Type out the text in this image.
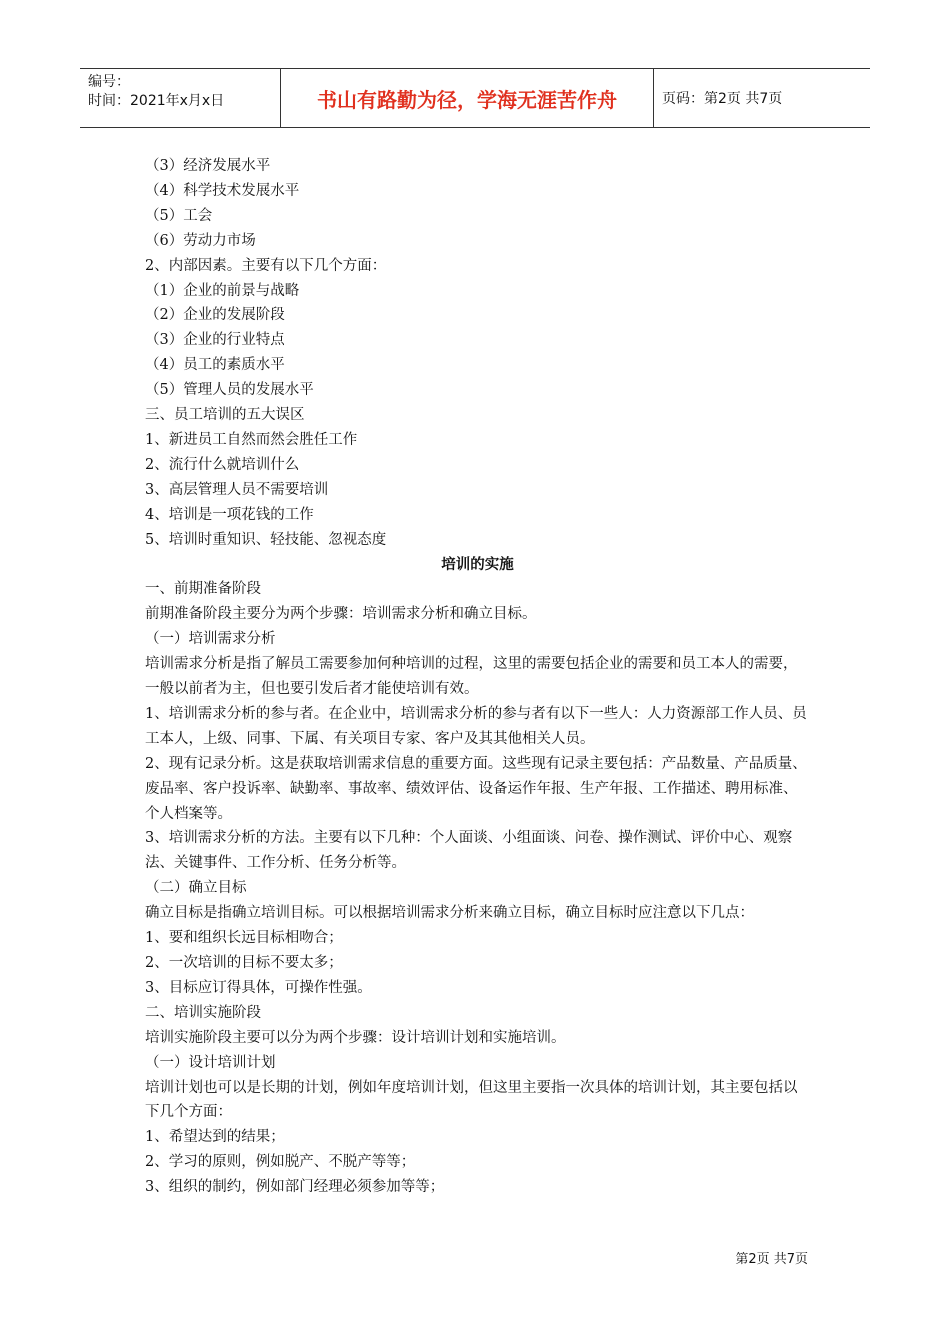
编号：
时间：2021年x月x日	书山有路勤为径，学海无涯苦作舟	页码：第2页 共7页

（3）经济发展水平

（4）科学技术发展水平

（5）工会

（6）劳动力市场

2、内部因素。主要有以下几个方面：

（1）企业的前景与战略

（2）企业的发展阶段

（3）企业的行业特点

（4）员工的素质水平

（5）管理人员的发展水平

三、员工培训的五大误区

1、新进员工自然而然会胜任工作

2、流行什么就培训什么

3、高层管理人员不需要培训

4、培训是一项花钱的工作

5、培训时重知识、轻技能、忽视态度

培训的实施

一、前期准备阶段

前期准备阶段主要分为两个步骤：培训需求分析和确立目标。

（一）培训需求分析

培训需求分析是指了解员工需要参加何种培训的过程，这里的需要包括企业的需要和员工本人的需要，一般以前者为主，但也要引发后者才能使培训有效。

1、培训需求分析的参与者。在企业中，培训需求分析的参与者有以下一些人：人力资源部工作人员、员工本人，上级、同事、下属、有关项目专家、客户及其其他相关人员。

2、现有记录分析。这是获取培训需求信息的重要方面。这些现有记录主要包括：产品数量、产品质量、废品率、客户投诉率、缺勤率、事故率、绩效评估、设备运作年报、生产年报、工作描述、聘用标准、个人档案等。

3、培训需求分析的方法。主要有以下几种：个人面谈、小组面谈、问卷、操作测试、评价中心、观察法、关键事件、工作分析、任务分析等。

（二）确立目标

确立目标是指确立培训目标。可以根据培训需求分析来确立目标，确立目标时应注意以下几点：

1、要和组织长远目标相吻合；

2、一次培训的目标不要太多；

3、目标应订得具体，可操作性强。

二、培训实施阶段

培训实施阶段主要可以分为两个步骤：设计培训计划和实施培训。

（一）设计培训计划

培训计划也可以是长期的计划，例如年度培训计划，但这里主要指一次具体的培训计划，其主要包括以下几个方面：

1、希望达到的结果；

2、学习的原则，例如脱产、不脱产等等；

3、组织的制约，例如部门经理必须参加等等；

第2页 共7页
